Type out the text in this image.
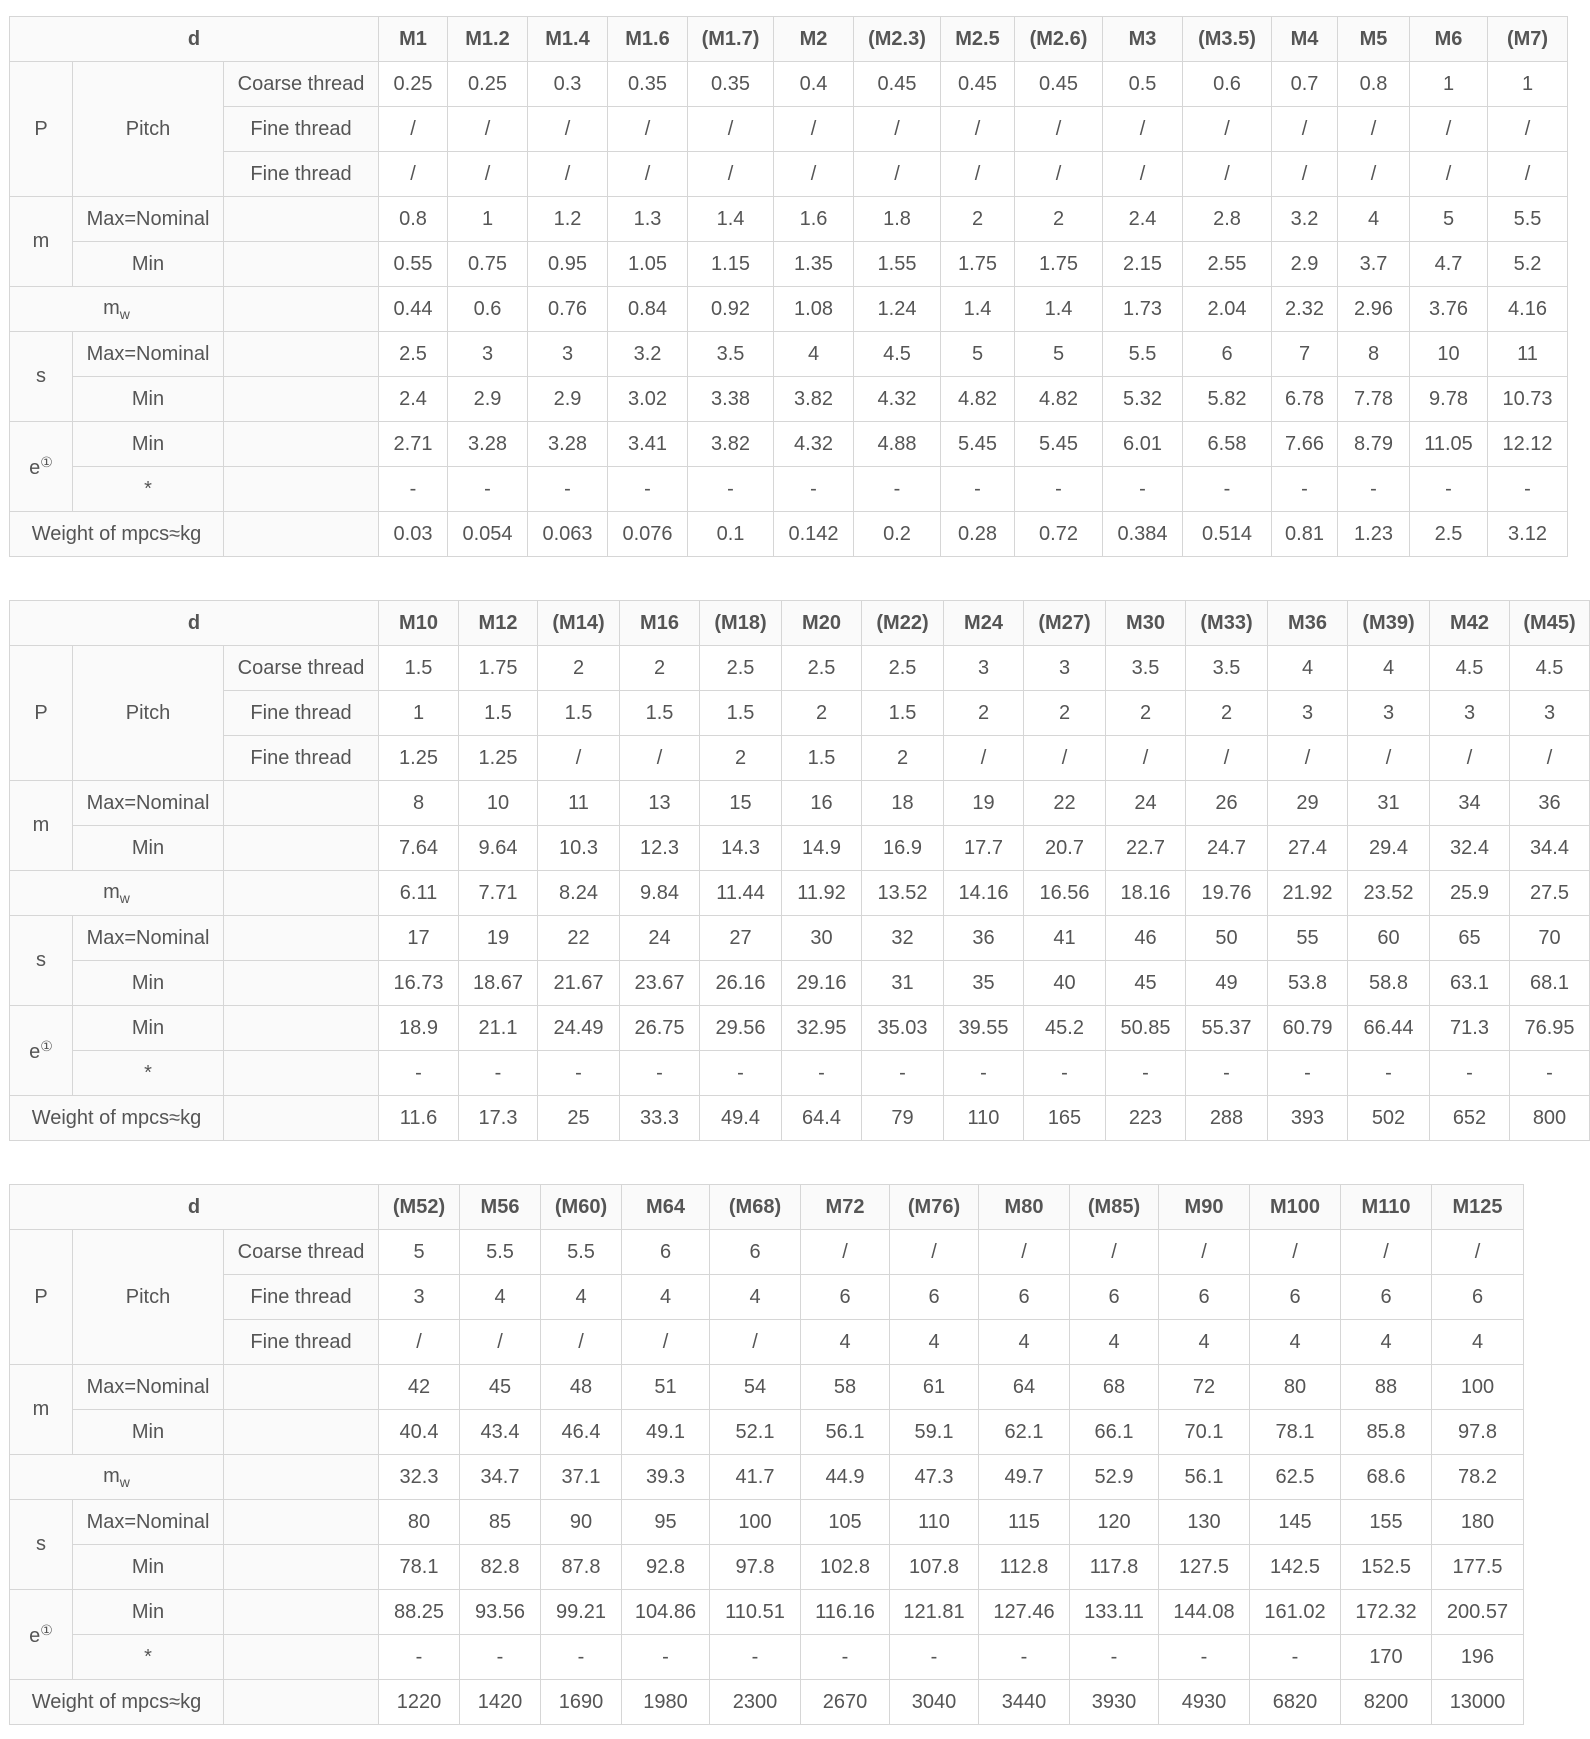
d			M1	M1.2	M1.4	M1.6	(M1.7)	M2	(M2.3)	M2.5	(M2.6)	M3	(M3.5)	M4	M5	M6	(M7)
P	Pitch	Coarse thread	0.25	0.25	0.3	0.35	0.35	0.4	0.45	0.45	0.45	0.5	0.6	0.7	0.8	1	1
		Fine thread	/	/	/	/	/	/	/	/	/	/	/	/	/	/	/
		Fine thread	/	/	/	/	/	/	/	/	/	/	/	/	/	/	/
m	Max=Nominal		0.8	1	1.2	1.3	1.4	1.6	1.8	2	2	2.4	2.8	3.2	4	5	5.5
	Min		0.55	0.75	0.95	1.05	1.15	1.35	1.55	1.75	1.75	2.15	2.55	2.9	3.7	4.7	5.2
$m_w$			0.44	0.6	0.76	0.84	0.92	1.08	1.24	1.4	1.4	1.73	2.04	2.32	2.96	3.76	4.16
s	Max=Nominal		2.5	3	3	3.2	3.5	4	4.5	5	5	5.5	6	7	8	10	11
	Min		2.4	2.9	2.9	3.02	3.38	3.82	4.32	4.82	4.82	5.32	5.82	6.78	7.78	9.78	10.73
e①	Min		2.71	3.28	3.28	3.41	3.82	4.32	4.88	5.45	5.45	6.01	6.58	7.66	8.79	11.05	12.12
	*		-	-	-	-	-	-	-	-	-	-	-	-	-	-	-
Weight of mpcs≈kg			0.03	0.054	0.063	0.076	0.1	0.142	0.2	0.28	0.72	0.384	0.514	0.81	1.23	2.5	3.12
d			M10	M12	(M14)	M16	(M18)	M20	(M22)	M24	(M27)	M30	(M33)	M36	(M39)	M42	(M45)
P	Pitch	Coarse thread	1.5	1.75	2	2	2.5	2.5	2.5	3	3	3.5	3.5	4	4	4.5	4.5
		Fine thread	1	1.5	1.5	1.5	1.5	2	1.5	2	2	2	2	3	3	3	3
		Fine thread	1.25	1.25	/	/	2	1.5	2	/	/	/	/	/	/	/	/
m	Max=Nominal		8	10	11	13	15	16	18	19	22	24	26	29	31	34	36
	Min		7.64	9.64	10.3	12.3	14.3	14.9	16.9	17.7	20.7	22.7	24.7	27.4	29.4	32.4	34.4
$m_w$			6.11	7.71	8.24	9.84	11.44	11.92	13.52	14.16	16.56	18.16	19.76	21.92	23.52	25.9	27.5
s	Max=Nominal		17	19	22	24	27	30	32	36	41	46	50	55	60	65	70
	Min		16.73	18.67	21.67	23.67	26.16	29.16	31	35	40	45	49	53.8	58.8	63.1	68.1
e①	Min		18.9	21.1	24.49	26.75	29.56	32.95	35.03	39.55	45.2	50.85	55.37	60.79	66.44	71.3	76.95
	*		-	-	-	-	-	-	-	-	-	-	-	-	-	-	-
Weight of mpcs≈kg			11.6	17.3	25	33.3	49.4	64.4	79	110	165	223	288	393	502	652	800
d			(M52)	M56	(M60)	M64	(M68)	M72	(M76)	M80	(M85)	M90	M100	M110	M125
P	Pitch	Coarse thread	5	5.5	5.5	6	6	/	/	/	/	/	/	/	/
		Fine thread	3	4	4	4	4	6	6	6	6	6	6	6	6
		Fine thread	/	/	/	/	/	4	4	4	4	4	4	4	4
m	Max=Nominal		42	45	48	51	54	58	61	64	68	72	80	88	100
	Min		40.4	43.4	46.4	49.1	52.1	56.1	59.1	62.1	66.1	70.1	78.1	85.8	97.8
$m_w$			32.3	34.7	37.1	39.3	41.7	44.9	47.3	49.7	52.9	56.1	62.5	68.6	78.2
s	Max=Nominal		80	85	90	95	100	105	110	115	120	130	145	155	180
	Min		78.1	82.8	87.8	92.8	97.8	102.8	107.8	112.8	117.8	127.5	142.5	152.5	177.5
e①	Min		88.25	93.56	99.21	104.86	110.51	116.16	121.81	127.46	133.11	144.08	161.02	172.32	200.57
	*		-	-	-	-	-	-	-	-	-	-	-	170	196
Weight of mpcs≈kg			1220	1420	1690	1980	2300	2670	3040	3440	3930	4930	6820	8200	13000
